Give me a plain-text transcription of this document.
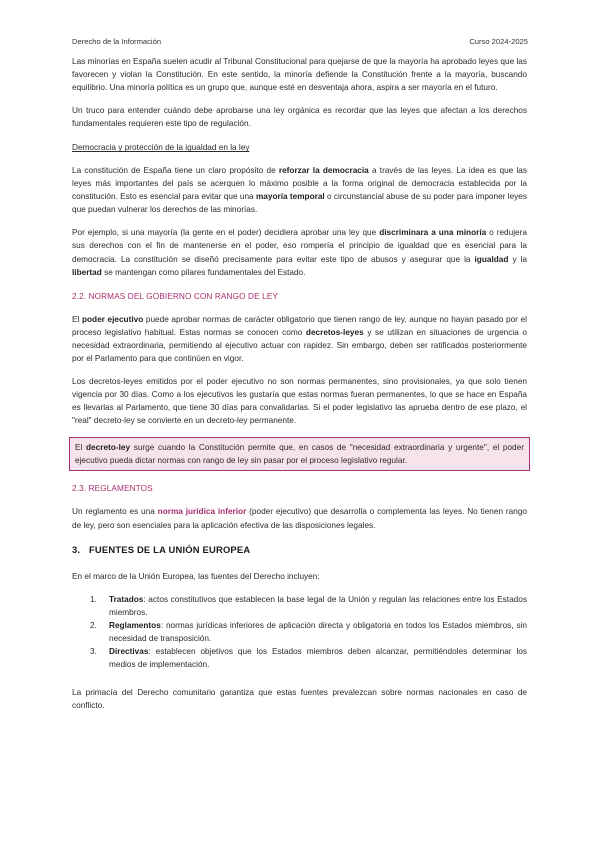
Derecho de la Información	Curso 2024-2025

Las minorías en España suelen acudir al Tribunal Constitucional para quejarse de que la mayoría ha aprobado leyes que las favorecen y violan la Constitución. En este sentido, la minoría defiende la Constitución frente a la mayoría, buscando equilibrio. Una minoría política es un grupo que, aunque esté en desventaja ahora, aspira a ser mayoría en el futuro.

Un truco para entender cuándo debe aprobarse una ley orgánica es recordar que las leyes que afectan a los derechos fundamentales requieren este tipo de regulación.

Democracia y protección de la igualdad en la ley

La constitución de España tiene un claro propósito de reforzar la democracia a través de las leyes. La idea es que las leyes más importantes del país se acerquen lo máximo posible a la forma original de democracia establecida por la constitución. Esto es esencial para evitar que una mayoría temporal o circunstancial abuse de su poder para imponer leyes que puedan vulnerar los derechos de las minorías.

Por ejemplo, si una mayoría (la gente en el poder) decidiera aprobar una ley que discriminara a una minoría o redujera sus derechos con el fin de mantenerse en el poder, eso rompería el principio de igualdad que es esencial para la democracia. La constitución se diseñó precisamente para evitar este tipo de abusos y asegurar que la igualdad y la libertad se mantengan como pilares fundamentales del Estado.

2.2. NORMAS DEL GOBIERNO CON RANGO DE LEY

El poder ejecutivo puede aprobar normas de carácter obligatorio que tienen rango de ley, aunque no hayan pasado por el proceso legislativo habitual. Estas normas se conocen como decretos-leyes y se utilizan en situaciones de urgencia o necesidad extraordinaria, permitiendo al ejecutivo actuar con rapidez. Sin embargo, deben ser ratificados posteriormente por el Parlamento para que continúen en vigor.

Los decretos-leyes emitidos por el poder ejecutivo no son normas permanentes, sino provisionales, ya que solo tienen vigencia por 30 días. Como a los ejecutivos les gustaría que estas normas fueran permanentes, lo que se hace en España es llevarlas al Parlamento, que tiene 30 días para convalidarlas. Si el poder legislativo las aprueba dentro de ese plazo, el "real" decreto-ley se convierte en un decreto-ley permanente.

El decreto-ley surge cuando la Constitución permite que, en casos de "necesidad extraordinaria y urgente", el poder ejecutivo pueda dictar normas con rango de ley sin pasar por el proceso legislativo regular.

2.3. REGLAMENTOS

Un reglamento es una norma jurídica inferior (poder ejecutivo) que desarrolla o complementa las leyes. No tienen rango de ley, pero son esenciales para la aplicación efectiva de las disposiciones legales.

3. FUENTES DE LA UNIÓN EUROPEA

En el marco de la Unión Europea, las fuentes del Derecho incluyen:

1. Tratados: actos constitutivos que establecen la base legal de la Unión y regulan las relaciones entre los Estados miembros.
2. Reglamentos: normas jurídicas inferiores de aplicación directa y obligatoria en todos los Estados miembros, sin necesidad de transposición.
3. Directivas: establecen objetivos que los Estados miembros deben alcanzar, permitiéndoles determinar los medios de implementación.

La primacía del Derecho comunitario garantiza que estas fuentes prevalezcan sobre normas nacionales en caso de conflicto.
